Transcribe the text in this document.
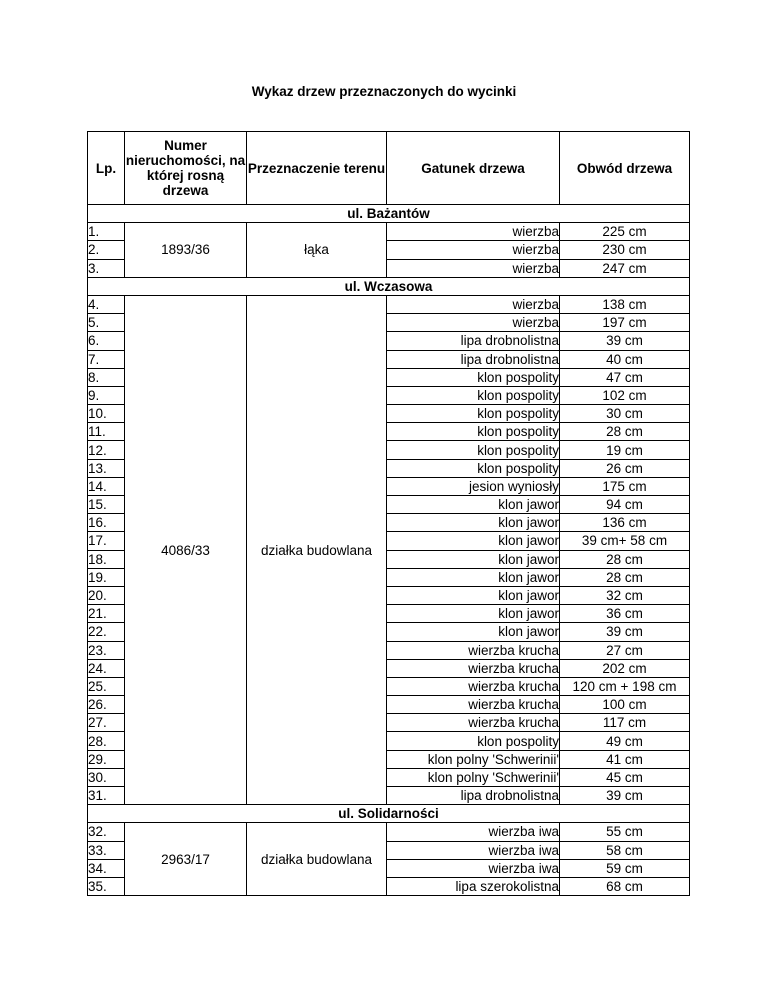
Wykaz drzew przeznaczonych do wycinki
Lp.	Numer nieruchomości, na której rosną drzewa	Przeznaczenie terenu	Gatunek drzewa	Obwód drzewa
ul. Bażantów				
1.	1893/36	łąka	wierzba	225 cm
2.			wierzba	230 cm
3.			wierzba	247 cm
ul. Wczasowa				
4.	4086/33	działka budowlana	wierzba	138 cm
5.			wierzba	197 cm
6.			lipa drobnolistna	39 cm
7.			lipa drobnolistna	40 cm
8.			klon pospolity	47 cm
9.			klon pospolity	102 cm
10.			klon pospolity	30 cm
11.			klon pospolity	28 cm
12.			klon pospolity	19 cm
13.			klon pospolity	26 cm
14.			jesion wyniosły	175 cm
15.			klon jawor	94 cm
16.			klon jawor	136 cm
17.			klon jawor	39 cm+ 58 cm
18.			klon jawor	28 cm
19.			klon jawor	28 cm
20.			klon jawor	32 cm
21.			klon jawor	36 cm
22.			klon jawor	39 cm
23.			wierzba krucha	27 cm
24.			wierzba krucha	202 cm
25.			wierzba krucha	120 cm + 198 cm
26.			wierzba krucha	100 cm
27.			wierzba krucha	117 cm
28.			klon pospolity	49 cm
29.			klon polny 'Schwerinii'	41 cm
30.			klon polny 'Schwerinii'	45 cm
31.			lipa drobnolistna	39 cm
ul. Solidarności				
32.	2963/17	działka budowlana	wierzba iwa	55 cm
33.			wierzba iwa	58 cm
34.			wierzba iwa	59 cm
35.			lipa szerokolistna	68 cm
